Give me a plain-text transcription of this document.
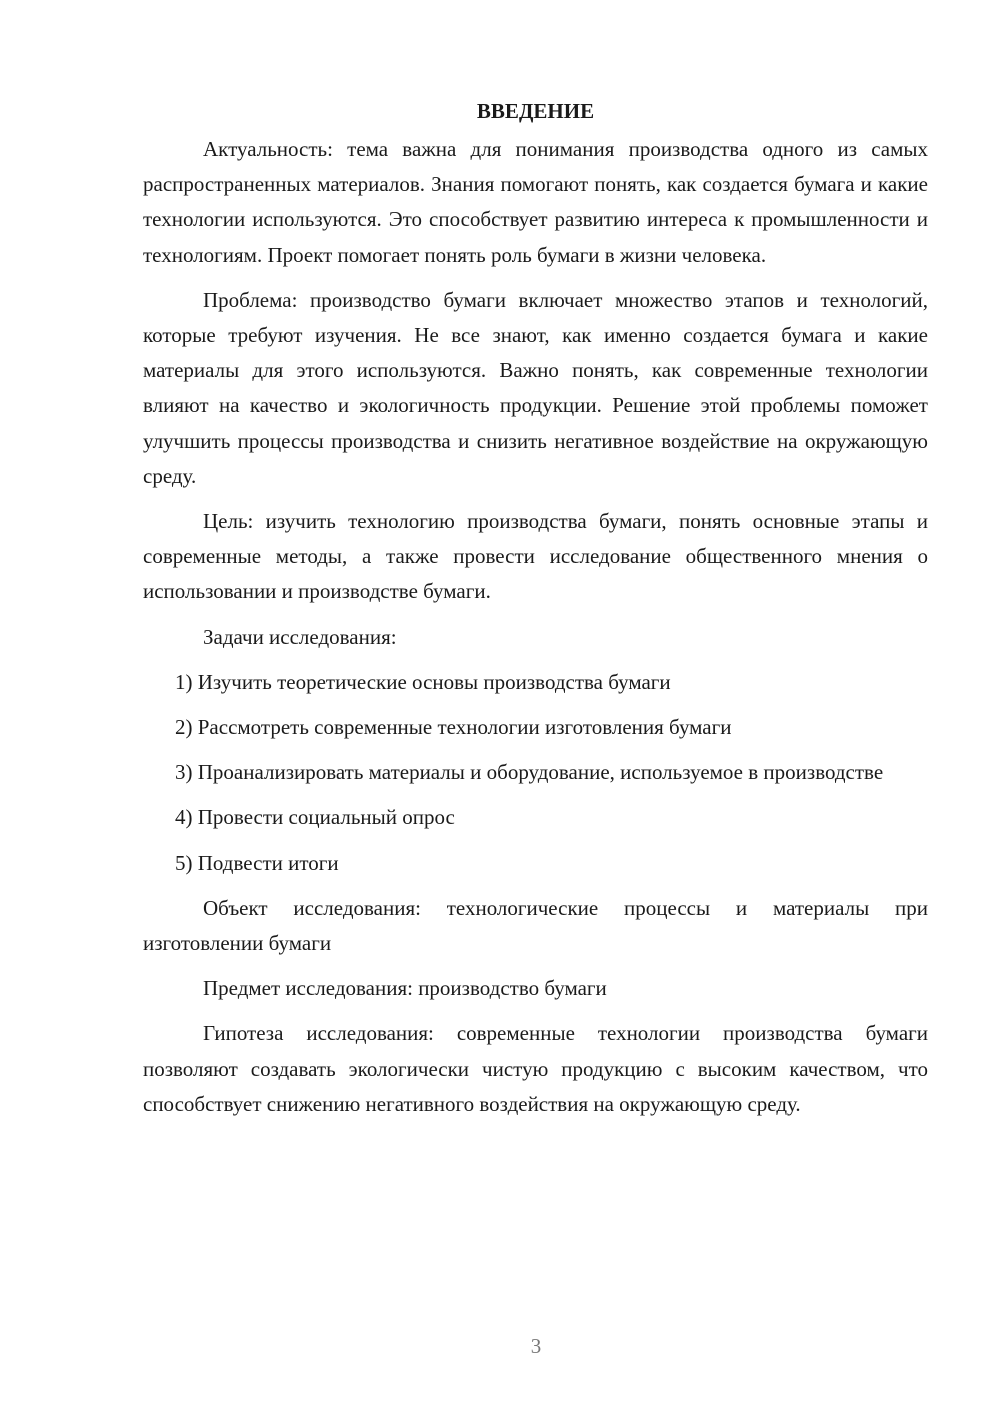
ВВЕДЕНИЕ

Актуальность: тема важна для понимания производства одного из самых распространенных материалов. Знания помогают понять, как создается бумага и какие технологии используются. Это способствует развитию интереса к промышленности и технологиям. Проект помогает понять роль бумаги в жизни человека.

Проблема: производство бумаги включает множество этапов и технологий, которые требуют изучения. Не все знают, как именно создается бумага и какие материалы для этого используются. Важно понять, как современные технологии влияют на качество и экологичность продукции. Решение этой проблемы поможет улучшить процессы производства и снизить негативное воздействие на окружающую среду.

Цель: изучить технологию производства бумаги, понять основные этапы и современные методы, а также провести исследование общественного мнения о использовании и производстве бумаги.

Задачи исследования:

1) Изучить теоретические основы производства бумаги

2) Рассмотреть современные технологии изготовления бумаги

3) Проанализировать материалы и оборудование, используемое в производстве

4) Провести социальный опрос

5) Подвести итоги

Объект исследования: технологические процессы и материалы при изготовлении бумаги

Предмет исследования: производство бумаги

Гипотеза исследования: современные технологии производства бумаги позволяют создавать экологически чистую продукцию с высоким качеством, что способствует снижению негативного воздействия на окружающую среду.

3
